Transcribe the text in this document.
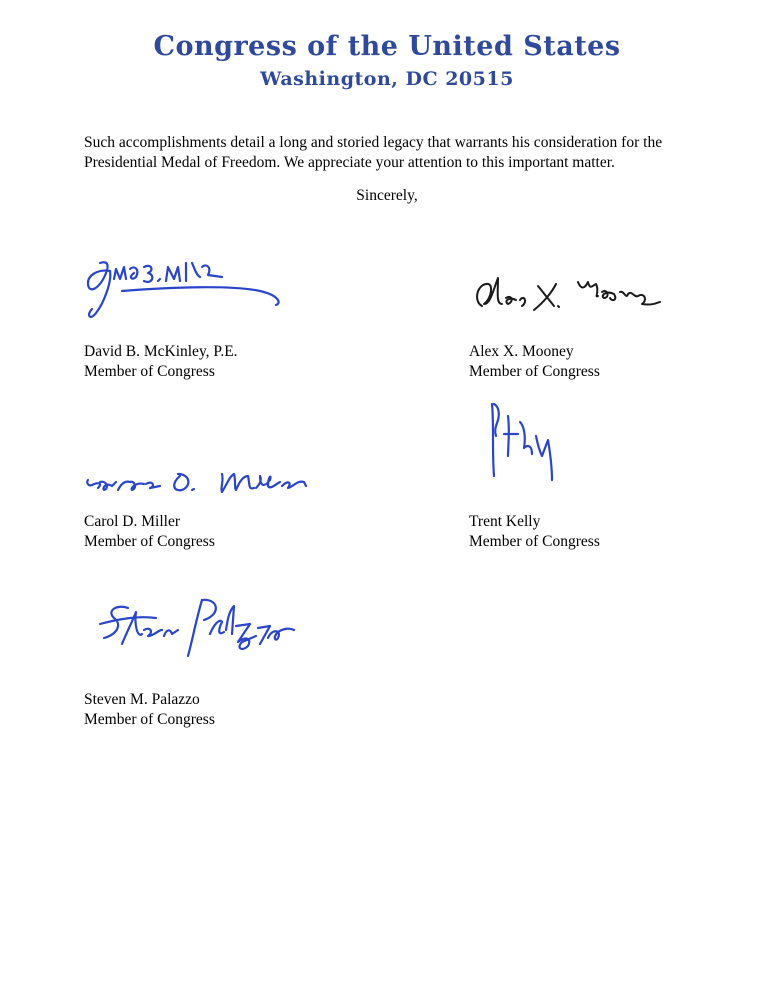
Congress of the United States
Washington, DC 20515
Such accomplishments detail a long and storied legacy that warrants his consideration for the
Presidential Medal of Freedom. We appreciate your attention to this important matter.
Sincerely,
David B. McKinley, P.E.
Member of Congress
Alex X. Mooney
Member of Congress
Carol D. Miller
Member of Congress
Trent Kelly
Member of Congress
Steven M. Palazzo
Member of Congress
